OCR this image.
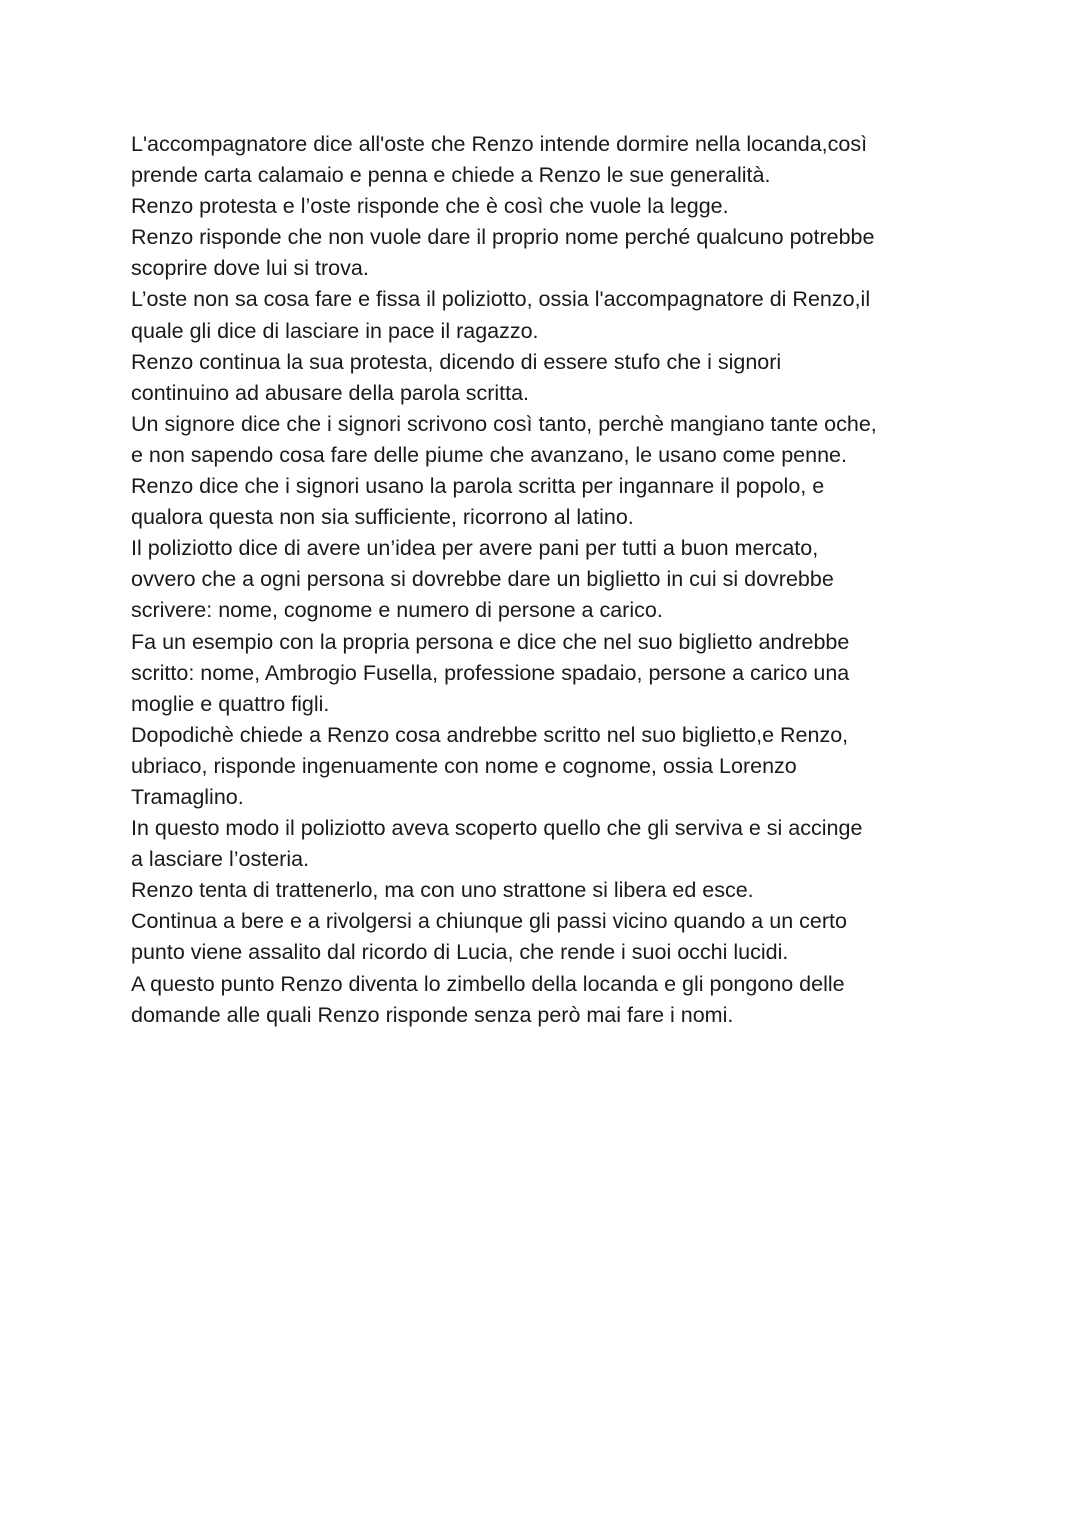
L'accompagnatore dice all'oste che Renzo intende dormire nella locanda,così
prende carta calamaio e penna e chiede a Renzo le sue generalità.
Renzo protesta e l’oste risponde che è così che vuole la legge.
Renzo risponde che non vuole dare il proprio nome perché qualcuno potrebbe
scoprire dove lui si trova.
L’oste non sa cosa fare e fissa il poliziotto, ossia l'accompagnatore di Renzo,il
quale gli dice di lasciare in pace il ragazzo.
Renzo continua la sua protesta, dicendo di essere stufo che i signori
continuino ad abusare della parola scritta.
Un signore dice che i signori scrivono così tanto, perchè mangiano tante oche,
e non sapendo cosa fare delle piume che avanzano, le usano come penne.
Renzo dice che i signori usano la parola scritta per ingannare il popolo, e
qualora questa non sia sufficiente, ricorrono al latino.
Il poliziotto dice di avere un’idea per avere pani per tutti a buon mercato,
ovvero che a ogni persona si dovrebbe dare un biglietto in cui si dovrebbe
scrivere: nome, cognome e numero di persone a carico.
Fa un esempio con la propria persona e dice che nel suo biglietto andrebbe
scritto: nome, Ambrogio Fusella, professione spadaio, persone a carico una
moglie e quattro figli.
Dopodichè chiede a Renzo cosa andrebbe scritto nel suo biglietto,e Renzo,
ubriaco, risponde ingenuamente con nome e cognome, ossia Lorenzo
Tramaglino.
In questo modo il poliziotto aveva scoperto quello che gli serviva e si accinge
a lasciare l’osteria.
Renzo tenta di trattenerlo, ma con uno strattone si libera ed esce.
Continua a bere e a rivolgersi a chiunque gli passi vicino quando a un certo
punto viene assalito dal ricordo di Lucia, che rende i suoi occhi lucidi.
A questo punto Renzo diventa lo zimbello della locanda e gli pongono delle
domande alle quali Renzo risponde senza però mai fare i nomi.
